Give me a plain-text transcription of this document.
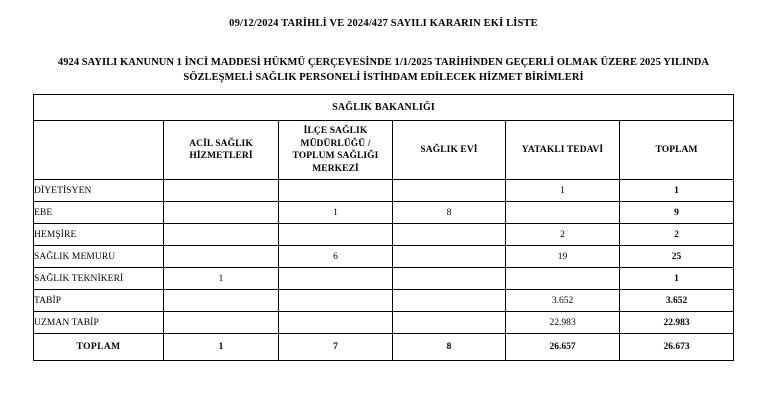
09/12/2024 TARİHLİ VE 2024/427 SAYILI KARARIN EKİ LİSTE
4924 SAYILI KANUNUN 1 İNCİ MADDESİ HÜKMÜ ÇERÇEVESİNDE 1/1/2025 TARİHİNDEN GEÇERLİ OLMAK ÜZERE 2025 YILINDA
SÖZLEŞMELİ SAĞLIK PERSONELİ İSTİHDAM EDİLECEK HİZMET BİRİMLERİ
SAĞLIK BAKANLIĞI					
	ACİL SAĞLIK
HİZMETLERİ	İLÇE SAĞLIK
MÜDÜRLÜĞÜ /
TOPLUM SAĞLIĞI
MERKEZİ	SAĞLIK EVİ	YATAKLI TEDAVİ	TOPLAM
DİYETİSYEN				1	1
EBE		1	8		9
HEMŞİRE				2	2
SAĞLIK MEMURU		6		19	25
SAĞLIK TEKNİKERİ	1				1
TABİP				3.652	3.652
UZMAN TABİP				22.983	22.983
TOPLAM	1	7	8	26.657	26.673
